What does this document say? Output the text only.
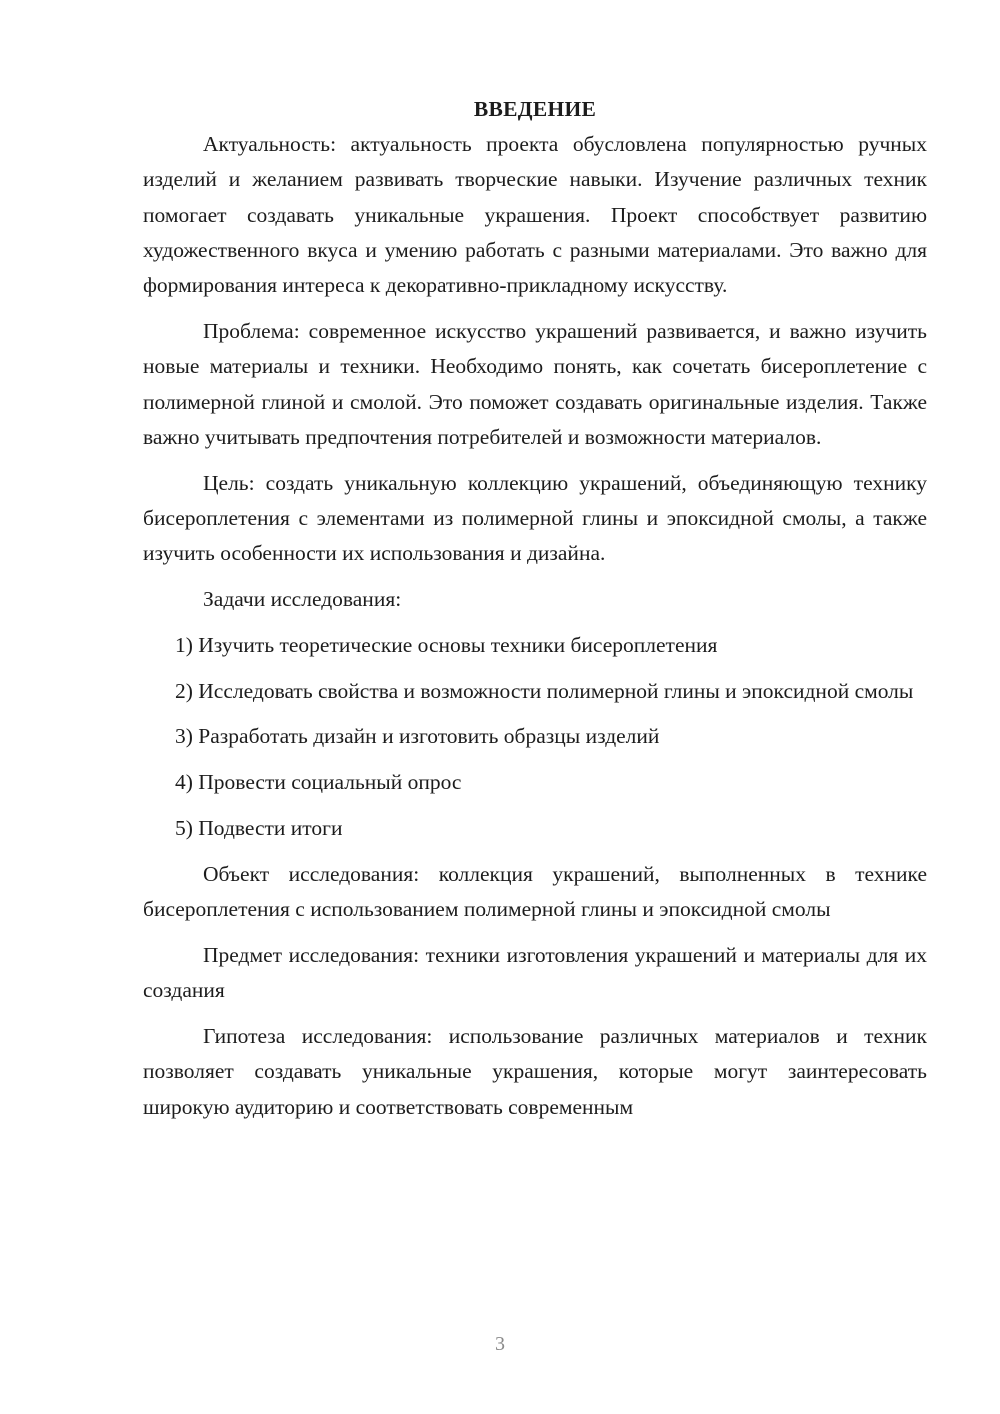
ВВЕДЕНИЕ

Актуальность: актуальность проекта обусловлена популярностью ручных изделий и желанием развивать творческие навыки. Изучение различных техник помогает создавать уникальные украшения. Проект способствует развитию художественного вкуса и умению работать с разными материалами. Это важно для формирования интереса к декоративно-прикладному искусству.

Проблема: современное искусство украшений развивается, и важно изучить новые материалы и техники. Необходимо понять, как сочетать бисероплетение с полимерной глиной и смолой. Это поможет создавать оригинальные изделия. Также важно учитывать предпочтения потребителей и возможности материалов.

Цель: создать уникальную коллекцию украшений, объединяющую технику бисероплетения с элементами из полимерной глины и эпоксидной смолы, а также изучить особенности их использования и дизайна.

Задачи исследования:

1) Изучить теоретические основы техники бисероплетения

2) Исследовать свойства и возможности полимерной глины и эпоксидной смолы

3) Разработать дизайн и изготовить образцы изделий

4) Провести социальный опрос

5) Подвести итоги

Объект исследования: коллекция украшений, выполненных в технике бисероплетения с использованием полимерной глины и эпоксидной смолы

Предмет исследования: техники изготовления украшений и материалы для их создания

Гипотеза исследования: использование различных материалов и техник позволяет создавать уникальные украшения, которые могут заинтересовать широкую аудиторию и соответствовать современным

3
